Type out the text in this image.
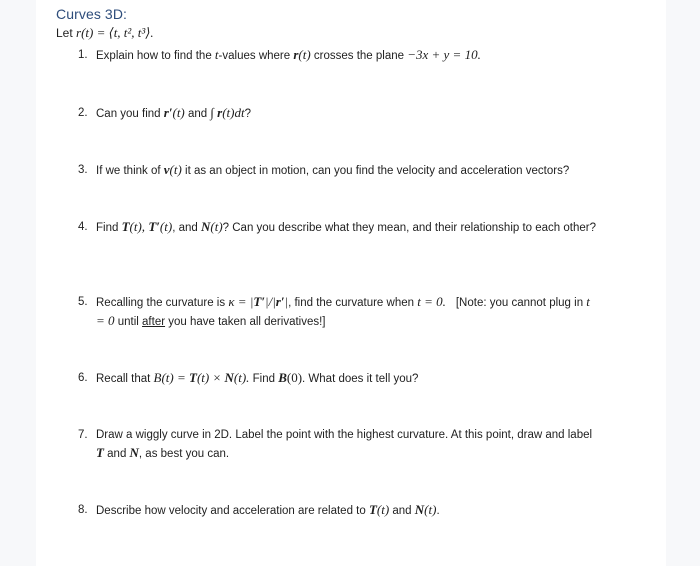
Curves 3D:
Let r(t) = ⟨t, t², t³⟩.
1. Explain how to find the t-values where r(t) crosses the plane −3x + y = 10.
2. Can you find r′(t) and ∫ r(t)dt?
3. If we think of v(t) it as an object in motion, can you find the velocity and acceleration vectors?
4. Find T(t), T′(t), and N(t)? Can you describe what they mean, and their relationship to each other?
5. Recalling the curvature is κ = |T′|/|r′|, find the curvature when t = 0. [Note: you cannot plug in t = 0 until after you have taken all derivatives!]
6. Recall that B(t) = T(t) × N(t). Find B(0). What does it tell you?
7. Draw a wiggly curve in 2D. Label the point with the highest curvature. At this point, draw and label T and N, as best you can.
8. Describe how velocity and acceleration are related to T(t) and N(t).
